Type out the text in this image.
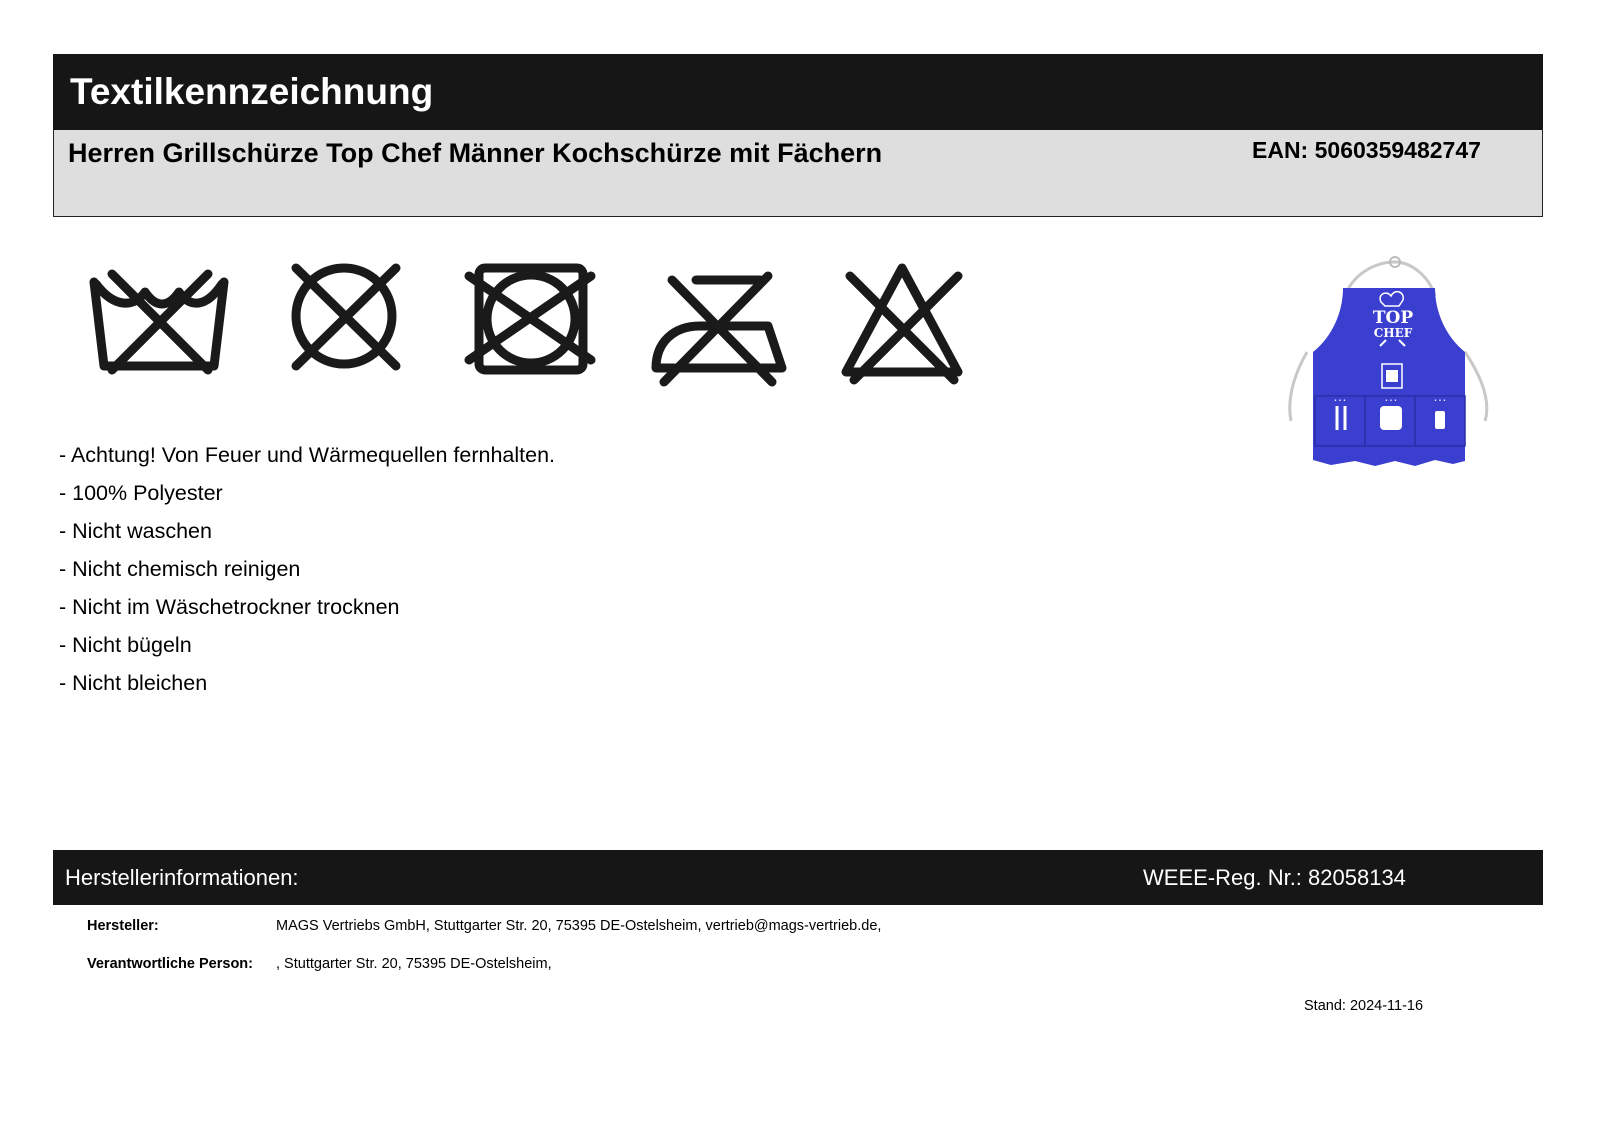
Textilkennzeichnung
Herren Grillschürze Top Chef Männer Kochschürze mit Fächern	EAN: 5060359482747
- Achtung! Von Feuer und Wärmequellen fernhalten.
- 100% Polyester
- Nicht waschen
- Nicht chemisch reinigen
- Nicht im Wäschetrockner trocknen
- Nicht bügeln
- Nicht bleichen
TOP
CHEF
• • •	• • •	• • •
Herstellerinformationen:	WEEE-Reg. Nr.: 82058134
Hersteller:	MAGS Vertriebs GmbH, Stuttgarter Str. 20, 75395 DE-Ostelsheim, vertrieb@mags-vertrieb.de,
Verantwortliche Person: , Stuttgarter Str. 20, 75395 DE-Ostelsheim,
Stand: 2024-11-16
